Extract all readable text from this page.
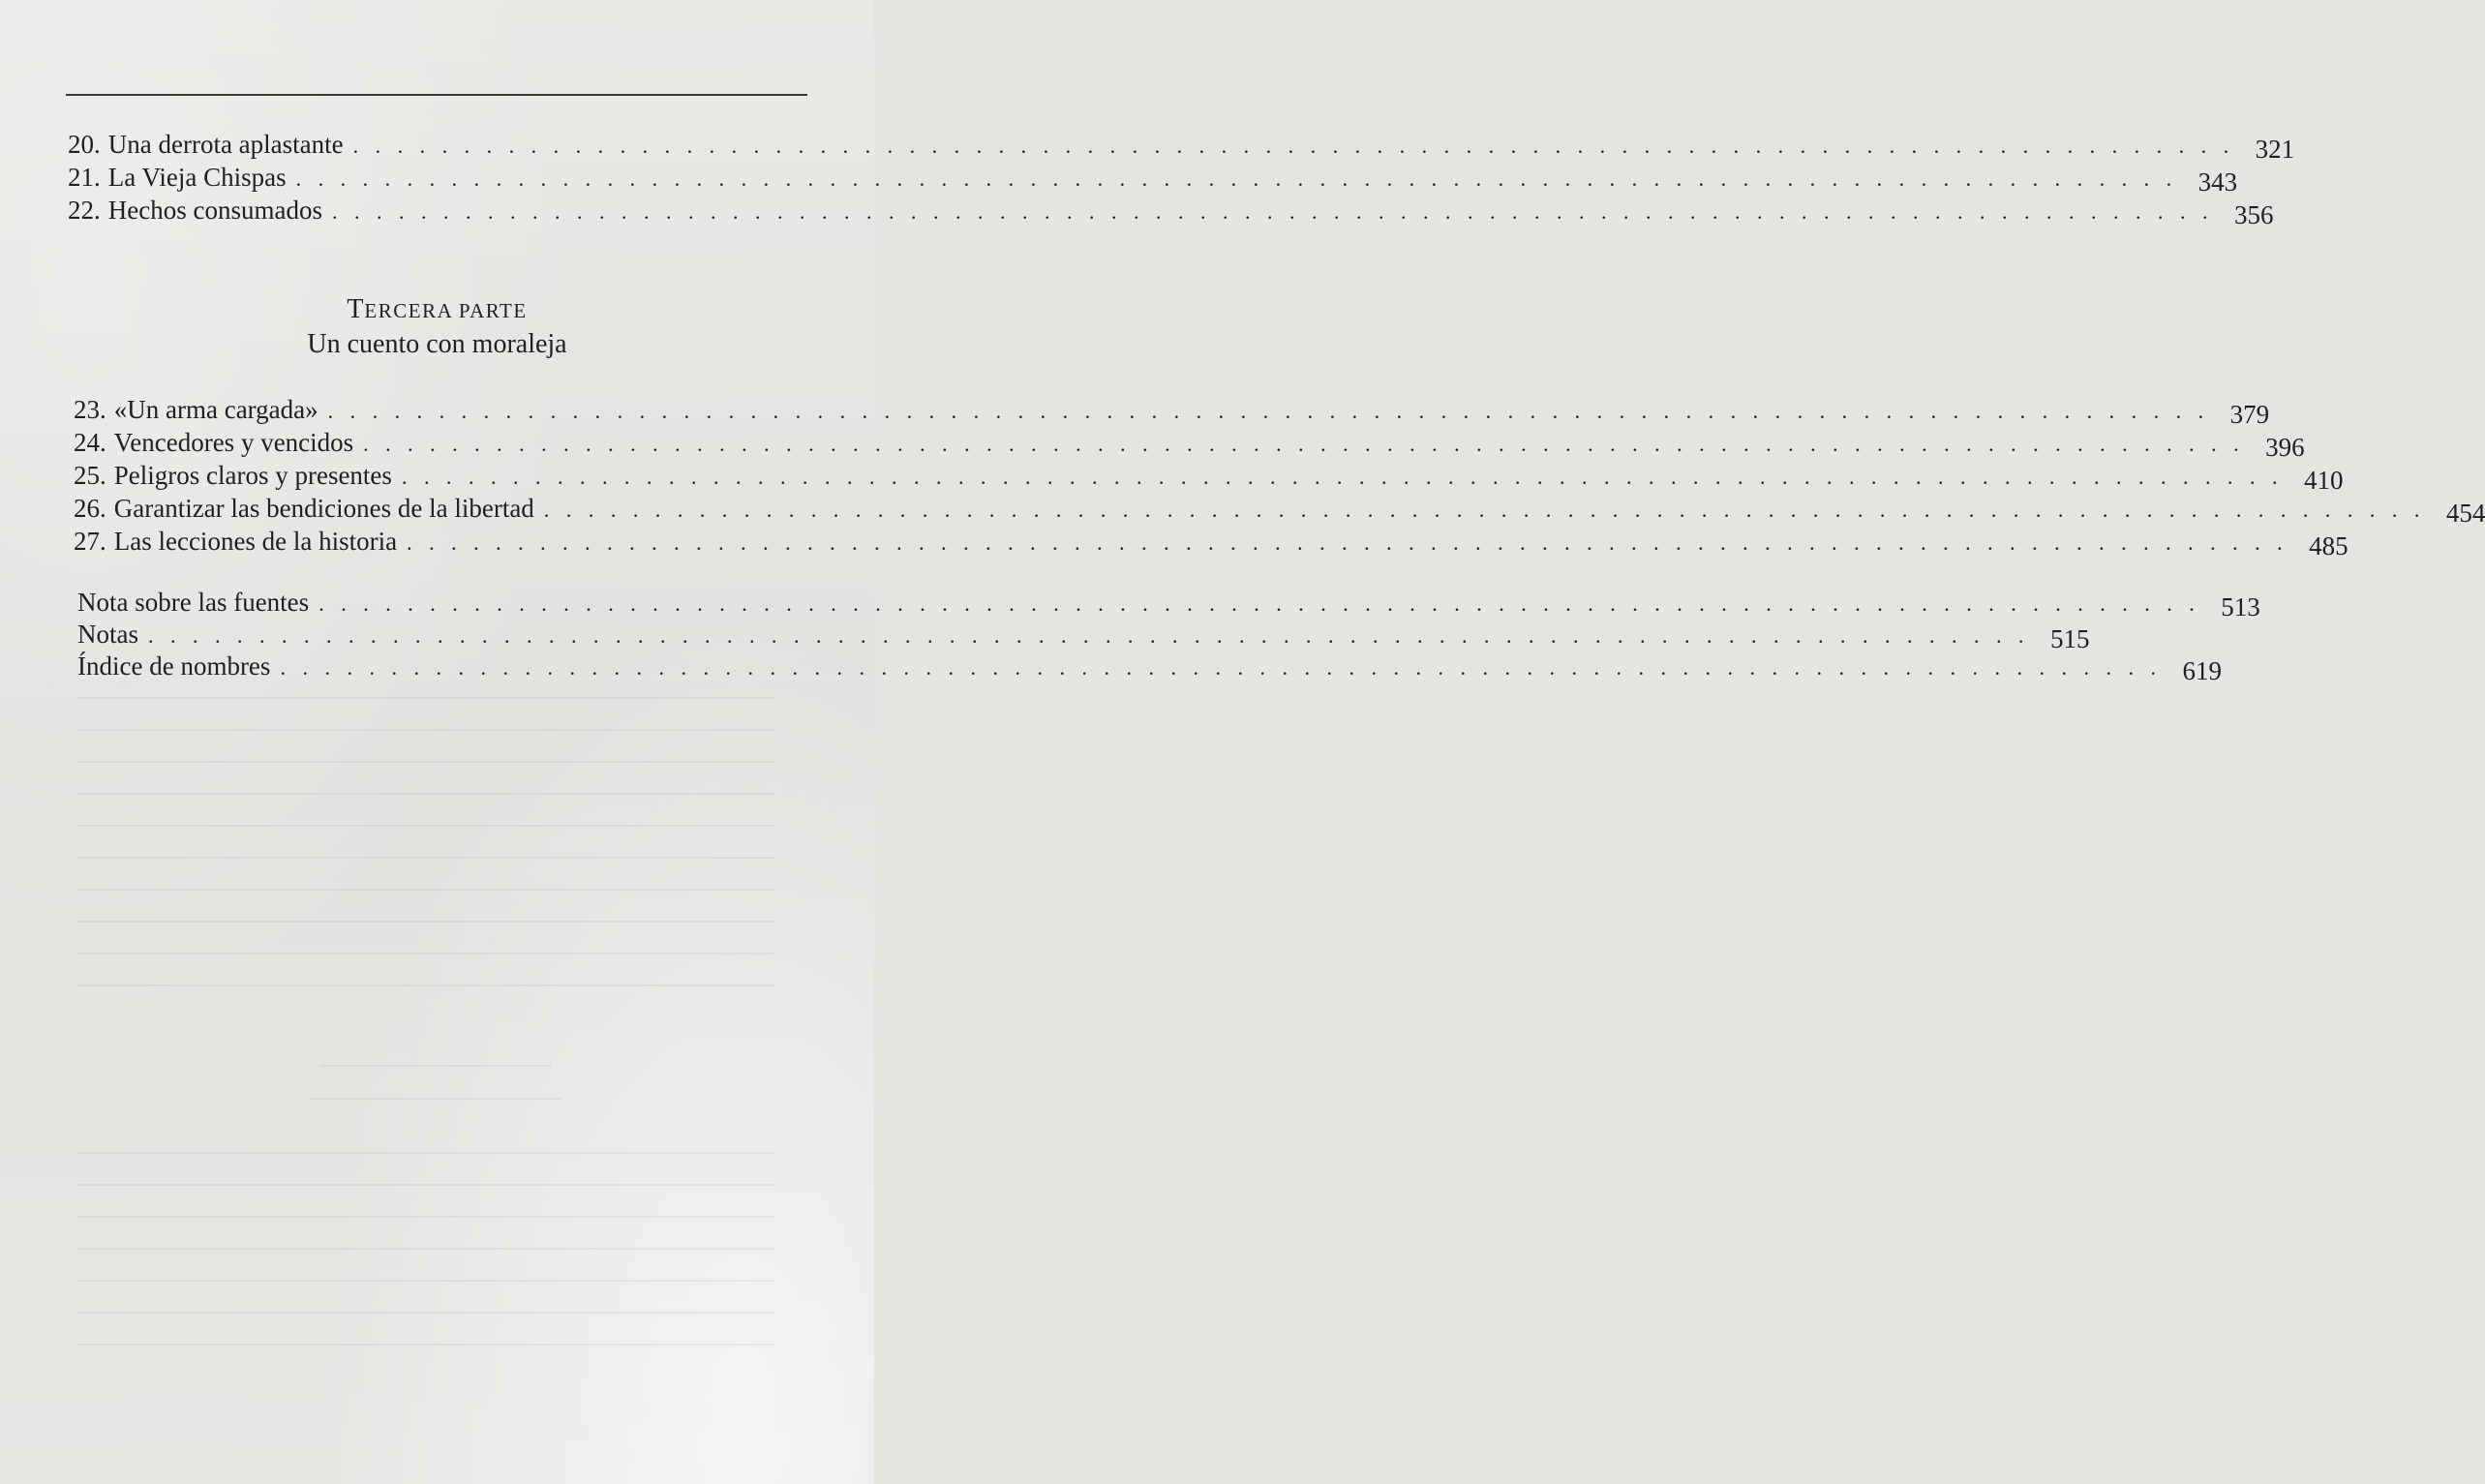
20. Una derrota aplastante . . . . . . . . . . . . . . . . . . . . . . . . . . . . . . . . . . . . . . . . . . . . . . . . . . . . . . . . . . . . . . . . . . . . . . . . . . . . . . . . . . . . . 321
21. La Vieja Chispas . . . . . . . . . . . . . . . . . . . . . . . . . . . . . . . . . . . . . . . . . . . . . . . . . . . . . . . . . . . . . . . . . . . . . . . . . . . . . . . . . . . . . 343
22. Hechos consumados . . . . . . . . . . . . . . . . . . . . . . . . . . . . . . . . . . . . . . . . . . . . . . . . . . . . . . . . . . . . . . . . . . . . . . . . . . . . . . . . . . . . . 356
TERCERA PARTE
Un cuento con moraleja
23. «Un arma cargada» . . . . . . . . . . . . . . . . . . . . . . . . . . . . . . . . . . . . . . . . . . . . . . . . . . . . . . . . . . . . . . . . . . . . . . . . . . . . . . . . . . . . . 379
24. Vencedores y vencidos . . . . . . . . . . . . . . . . . . . . . . . . . . . . . . . . . . . . . . . . . . . . . . . . . . . . . . . . . . . . . . . . . . . . . . . . . . . . . . . . . . . . . 396
25. Peligros claros y presentes . . . . . . . . . . . . . . . . . . . . . . . . . . . . . . . . . . . . . . . . . . . . . . . . . . . . . . . . . . . . . . . . . . . . . . . . . . . . . . . . . . . . . 410
26. Garantizar las bendiciones de la libertad . . . . . . . . . . . . . . . . . . . . . . . . . . . . . . . . . . . . . . . . . . . . . . . . . . . . . . . . . . . . . . . . . . . . . . . . . . . . . . . . . . . . . 454
27. Las lecciones de la historia . . . . . . . . . . . . . . . . . . . . . . . . . . . . . . . . . . . . . . . . . . . . . . . . . . . . . . . . . . . . . . . . . . . . . . . . . . . . . . . . . . . . . 485
Nota sobre las fuentes . . . . . . . . . . . . . . . . . . . . . . . . . . . . . . . . . . . . . . . . . . . . . . . . . . . . . . . . . . . . . . . . . . . . . . . . . . . . . . . . . . . . . 513
Notas . . . . . . . . . . . . . . . . . . . . . . . . . . . . . . . . . . . . . . . . . . . . . . . . . . . . . . . . . . . . . . . . . . . . . . . . . . . . . . . . . . . . . 515
Índice de nombres . . . . . . . . . . . . . . . . . . . . . . . . . . . . . . . . . . . . . . . . . . . . . . . . . . . . . . . . . . . . . . . . . . . . . . . . . . . . . . . . . . . . . 619
